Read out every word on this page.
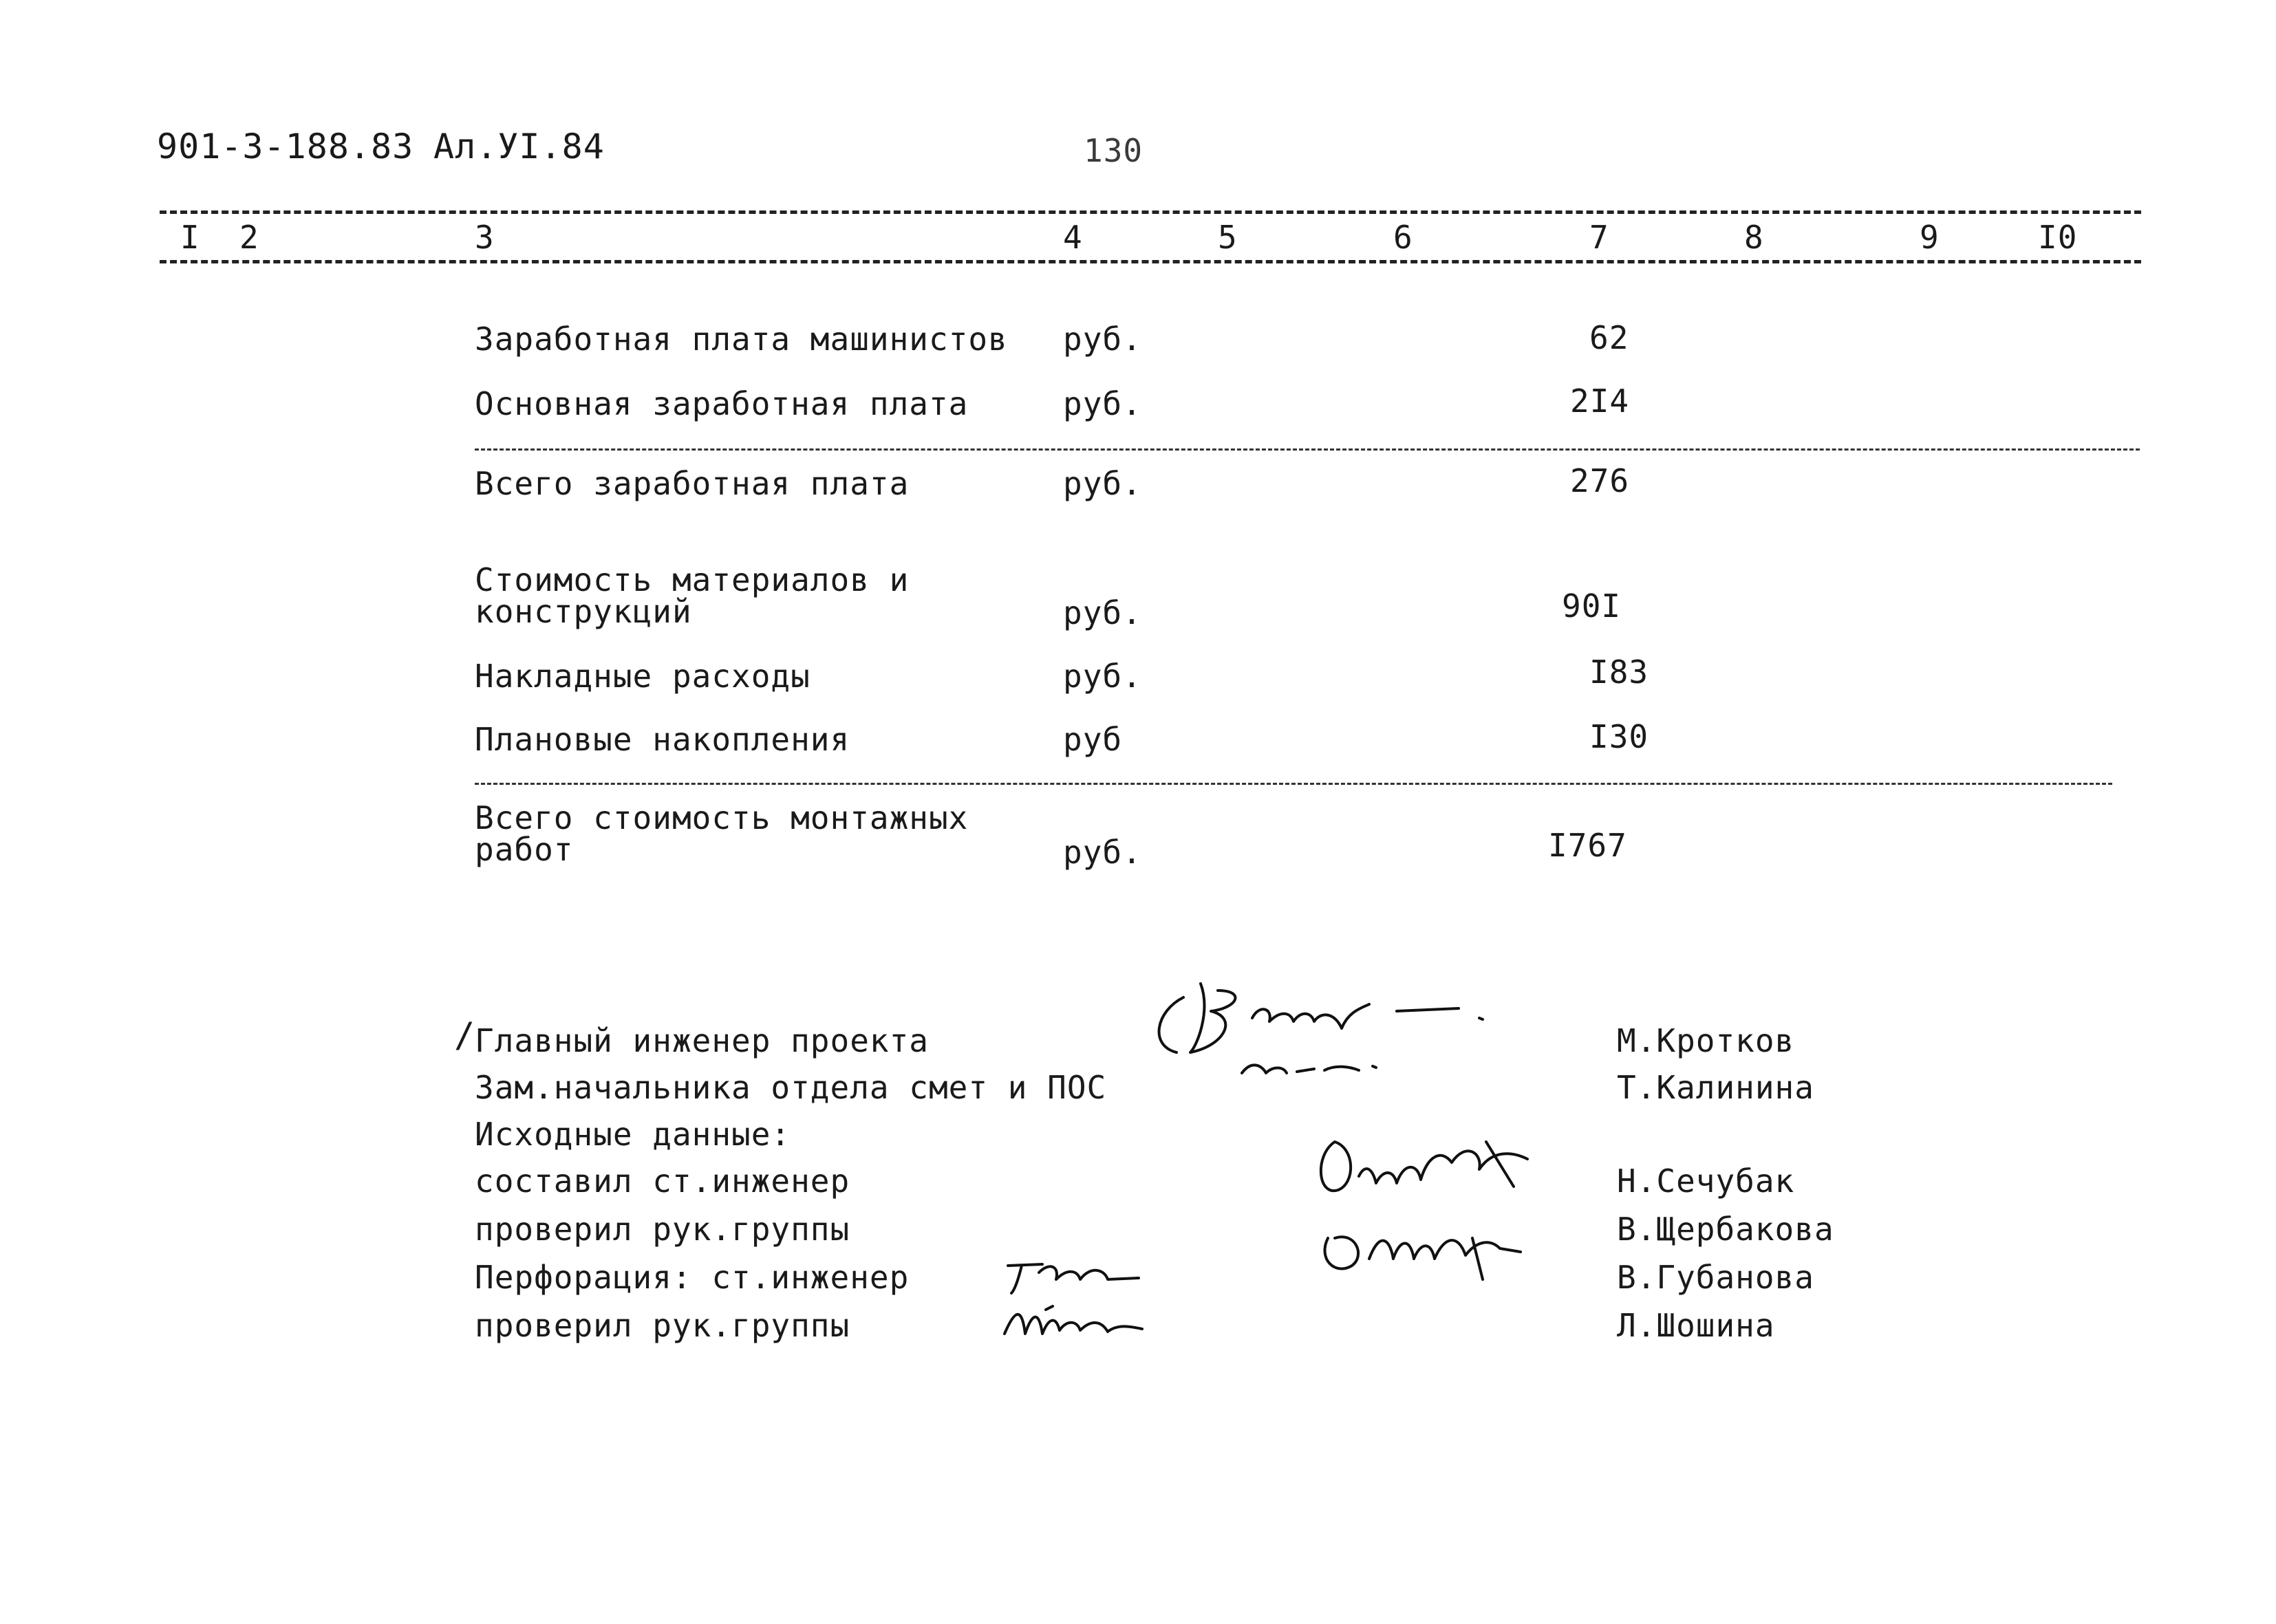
901-3-188.83 Ал.УI.84	130
I 2	3	4	5	6	7	8	9	I0
Заработная плата машинистов руб.	62
Основная заработная плата	руб.	2I4
Всего заработная плата	руб.	276
Стоимость материалов и
конструкций	руб.	90I
Накладные расходы	руб.	I83
Плановые накопления	руб	I30
Всего стоимость монтажных
работ	руб.	I767
/
Главный инженер проекта	М.Кротков
Зам.начальника отдела смет и ПОС	Т.Калинина
Исходные данные:
составил ст.инженер	Н.Сечубак
проверил рук.группы	В.Щербакова
Перфорация: ст.инженер	В.Губанова
проверил рук.группы	Л.Шошина
